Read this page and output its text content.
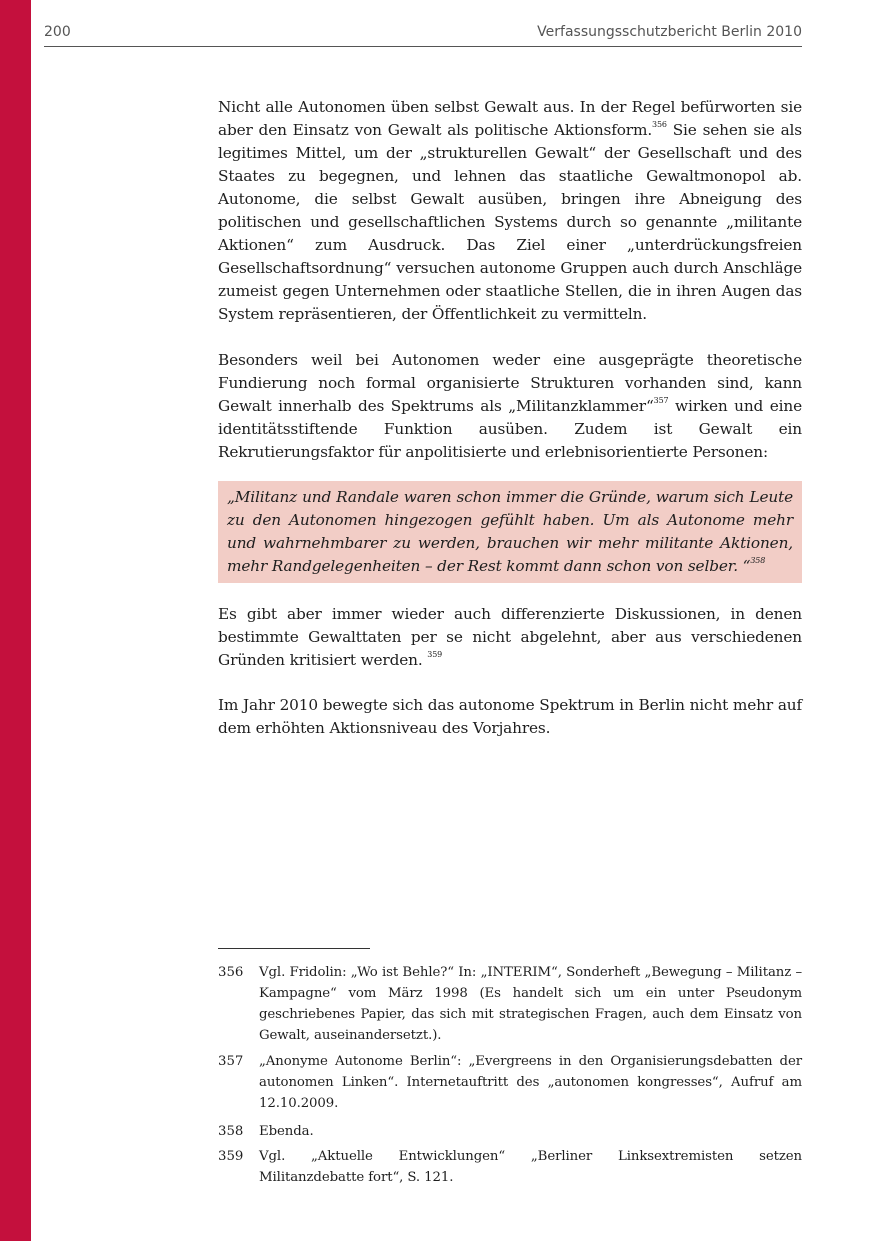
200	Verfassungsschutzbericht Berlin 2010

Nicht alle Autonomen üben selbst Gewalt aus. In der Regel befürworten sie aber den Einsatz von Gewalt als politische Aktionsform.$^{356}$ Sie sehen sie als legitimes Mittel, um der „strukturellen Gewalt“ der Gesellschaft und des Staates zu begegnen, und lehnen das staatliche Gewaltmonopol ab. Autonome, die selbst Gewalt ausüben, bringen ihre Abneigung des politischen und gesellschaftlichen Systems durch so genannte „militante Aktionen“ zum Ausdruck. Das Ziel einer „unterdrückungsfreien Gesellschaftsordnung“ versuchen autonome Gruppen auch durch Anschläge zumeist gegen Unternehmen oder staatliche Stellen, die in ihren Augen das System repräsentieren, der Öffentlichkeit zu vermitteln.

Besonders weil bei Autonomen weder eine ausgeprägte theoretische Fundierung noch formal organisierte Strukturen vorhanden sind, kann Gewalt innerhalb des Spektrums als „Militanzklammer“$^{357}$ wirken und eine identitätsstiftende Funktion ausüben. Zudem ist Gewalt ein Rekrutierungsfaktor für anpolitisierte und erlebnisorientierte Personen:

„Militanz und Randale waren schon immer die Gründe, warum sich Leute zu den Autonomen hingezogen gefühlt haben. Um als Autonome mehr und wahrnehmbarer zu werden, brauchen wir mehr militante Aktionen, mehr Randgelegenheiten – der Rest kommt dann schon von selber. “$^{358}$

Es gibt aber immer wieder auch differenzierte Diskussionen, in denen bestimmte Gewalttaten per se nicht abgelehnt, aber aus verschiedenen Gründen kritisiert werden. $^{359}$

Im Jahr 2010 bewegte sich das autonome Spektrum in Berlin nicht mehr auf dem erhöhten Aktionsniveau des Vorjahres.

356 Vgl. Fridolin: „Wo ist Behle?“ In: „INTERIM“, Sonderheft „Bewegung – Militanz – Kampagne“ vom März 1998 (Es handelt sich um ein unter Pseudonym geschriebenes Papier, das sich mit strategischen Fragen, auch dem Einsatz von Gewalt, auseinandersetzt.).
357 „Anonyme Autonome Berlin“: „Evergreens in den Organisierungsdebatten der autonomen Linken“. Internetauftritt des „autonomen kongresses“, Aufruf am 12.10.2009.
358 Ebenda.
359 Vgl. „Aktuelle Entwicklungen“ „Berliner Linksextremisten setzen Militanzdebatte fort“, S. 121.
